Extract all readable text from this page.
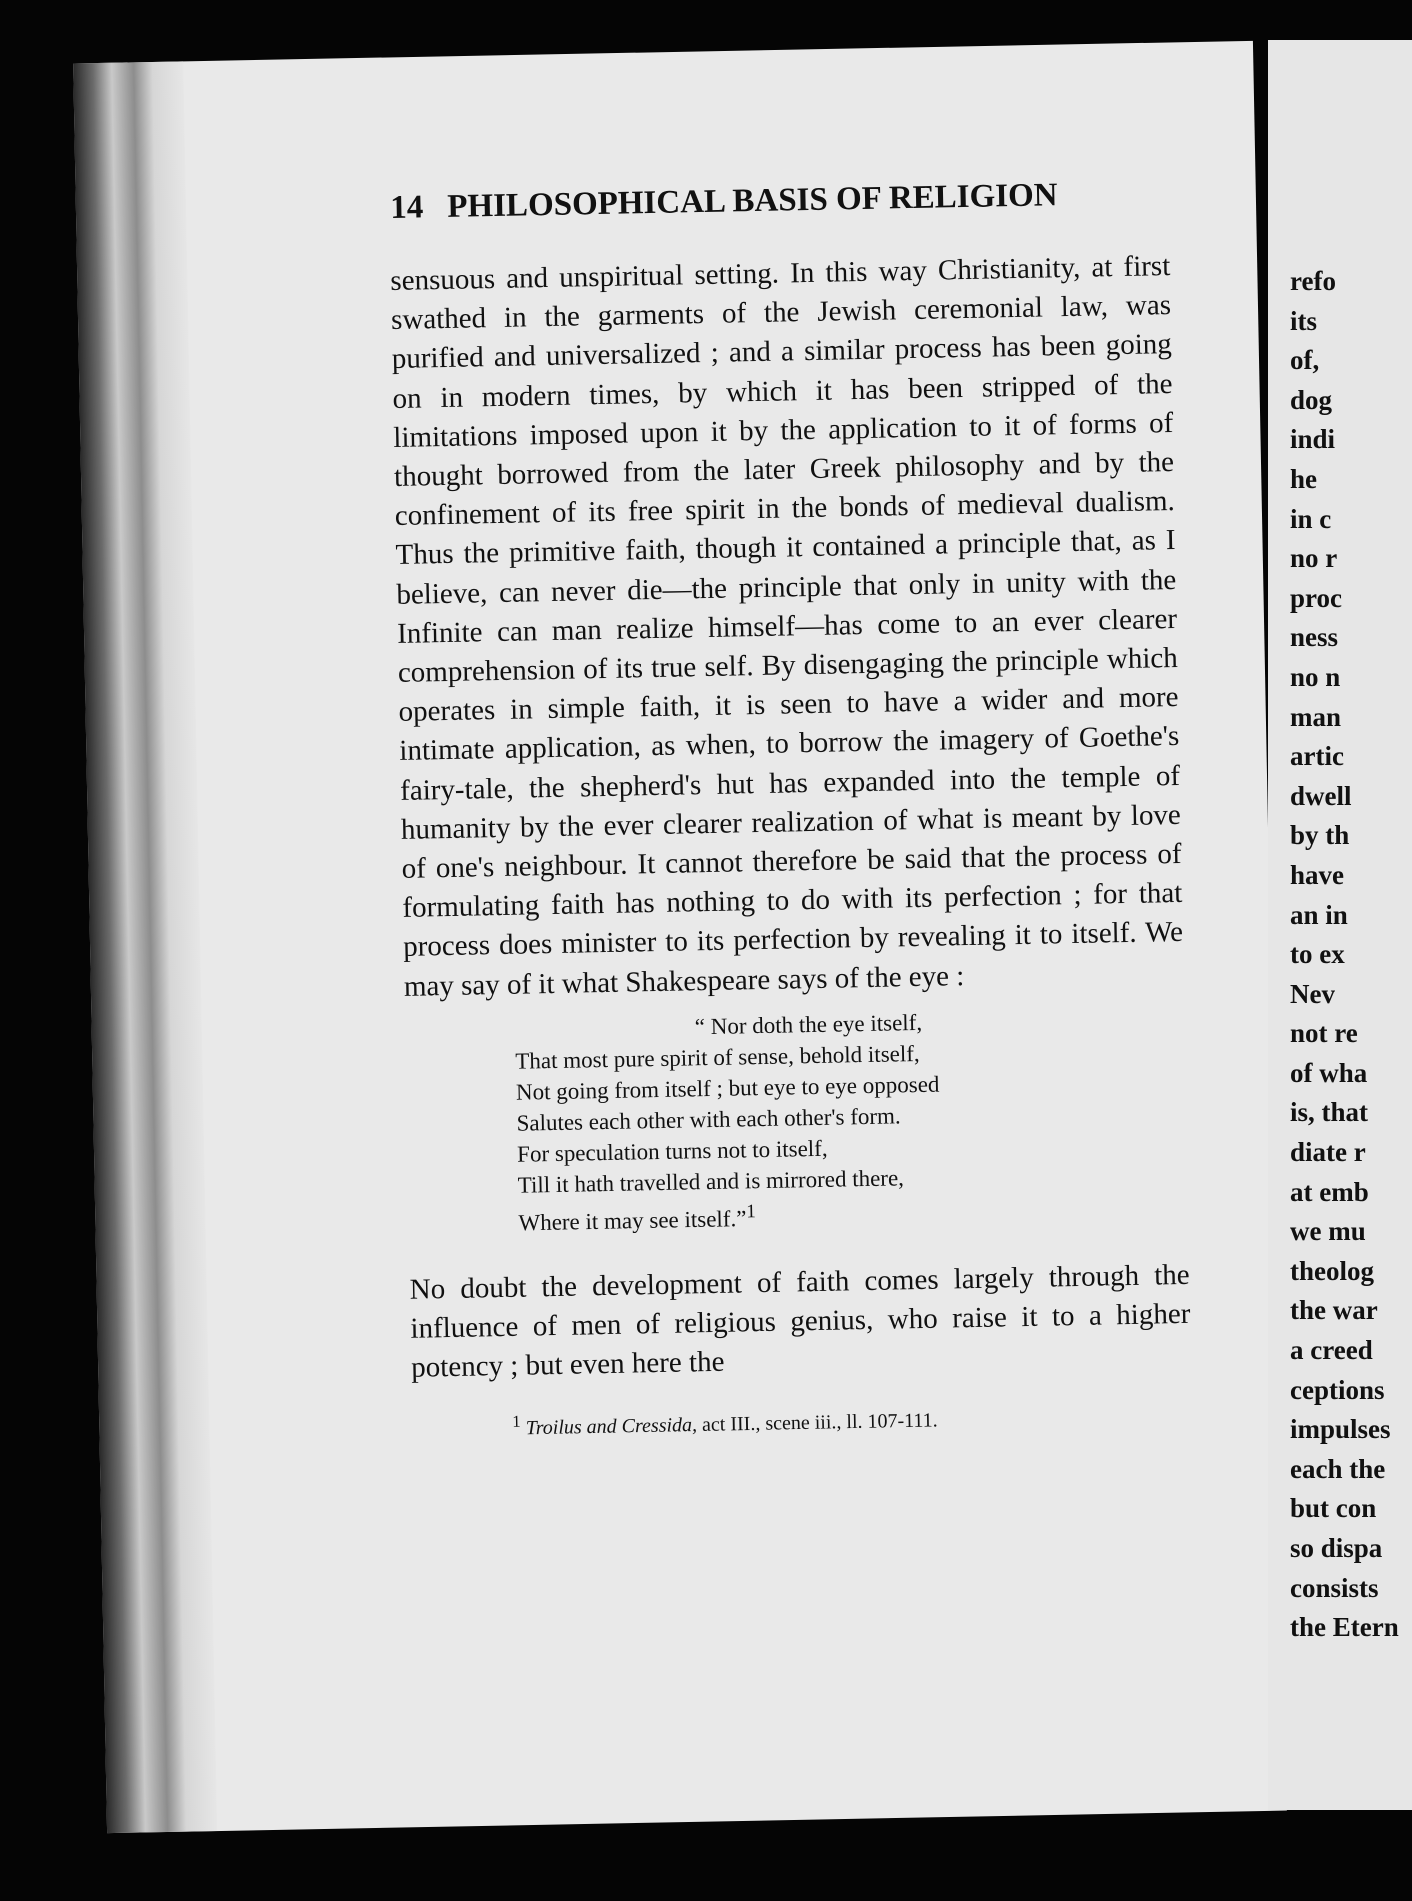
refo
its
of,
dog
indi
he
in c
no r
proc
ness
no n
man
artic
dwell
by th
have
an in
to ex
Nev
not re
of wha
is, that
diate r
at emb
we mu
theolog
the war
a creed
ceptions
impulses
each the
but con
so dispa
consists
the Etern
14 PHILOSOPHICAL BASIS OF RELIGION

sensuous and unspiritual setting. In this way Christianity, at first swathed in the garments of the Jewish ceremonial law, was purified and universalized ; and a similar process has been going on in modern times, by which it has been stripped of the limitations imposed upon it by the application to it of forms of thought borrowed from the later Greek philosophy and by the confinement of its free spirit in the bonds of medieval dualism. Thus the primitive faith, though it contained a principle that, as I believe, can never die—the principle that only in unity with the Infinite can man realize himself—has come to an ever clearer comprehension of its true self. By disengaging the principle which operates in simple faith, it is seen to have a wider and more intimate application, as when, to borrow the imagery of Goethe's fairy-tale, the shepherd's hut has expanded into the temple of humanity by the ever clearer realization of what is meant by love of one's neighbour. It cannot therefore be said that the process of formulating faith has nothing to do with its perfection ; for that process does minister to its perfection by revealing it to itself. We may say of it what Shakespeare says of the eye :

“ Nor doth the eye itself,
That most pure spirit of sense, behold itself,
Not going from itself ; but eye to eye opposed
Salutes each other with each other's form.
For speculation turns not to itself,
Till it hath travelled and is mirrored there,
Where it may see itself.”$^1$

No doubt the development of faith comes largely through the influence of men of religious genius, who raise it to a higher potency ; but even here the

$^1$ Troilus and Cressida, act III., scene iii., ll. 107-111.
